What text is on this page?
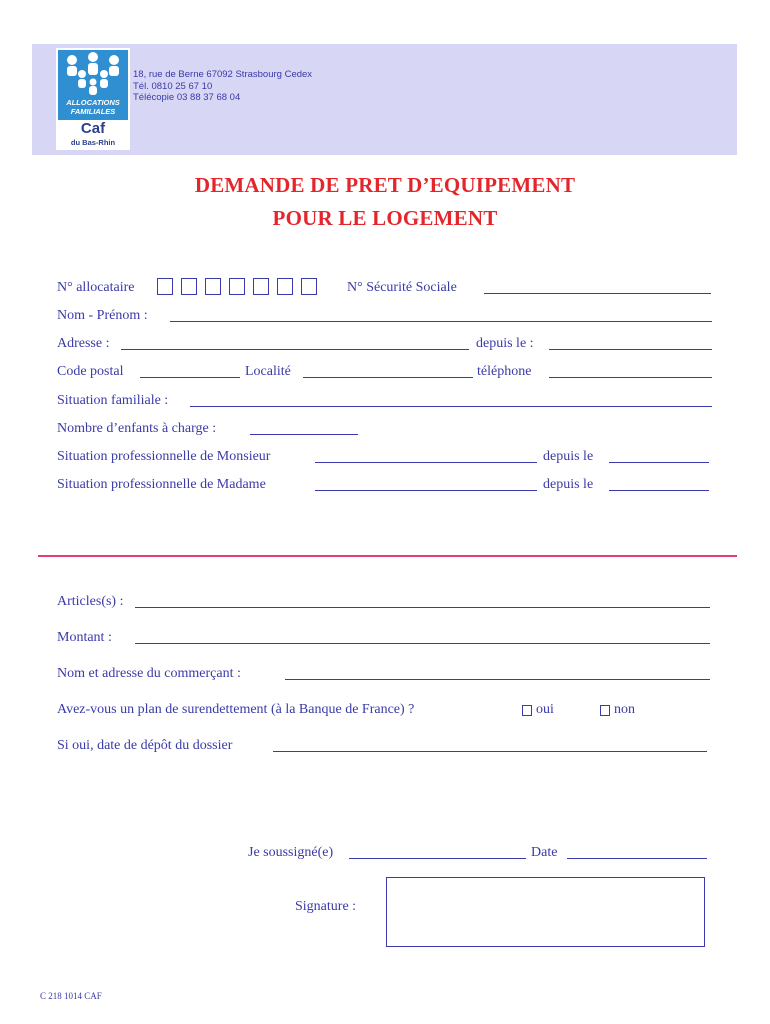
ALLOCATIONS
FAMILIALES
Caf
du Bas-Rhin
18, rue de Berne 67092 Strasbourg Cedex
Tél. 0810 25 67 10
Télécopie 03 88 37 68 04
DEMANDE DE PRET D’EQUIPEMENT
POUR LE LOGEMENT
N° allocataire	N° Sécurité Sociale
Nom - Prénom :
Adresse :	depuis le :
Code postal	Localité	téléphone
Situation familiale :
Nombre d’enfants à charge :
Situation professionnelle de Monsieur	depuis le
Situation professionnelle de Madame	depuis le
Articles(s) :
Montant :
Nom et adresse du commerçant :
Avez-vous un plan de surendettement (à la Banque de France) ?	oui	non
Si oui, date de dépôt du dossier
Je soussigné(e)	Date
Signature :
C 218 1014 CAF
